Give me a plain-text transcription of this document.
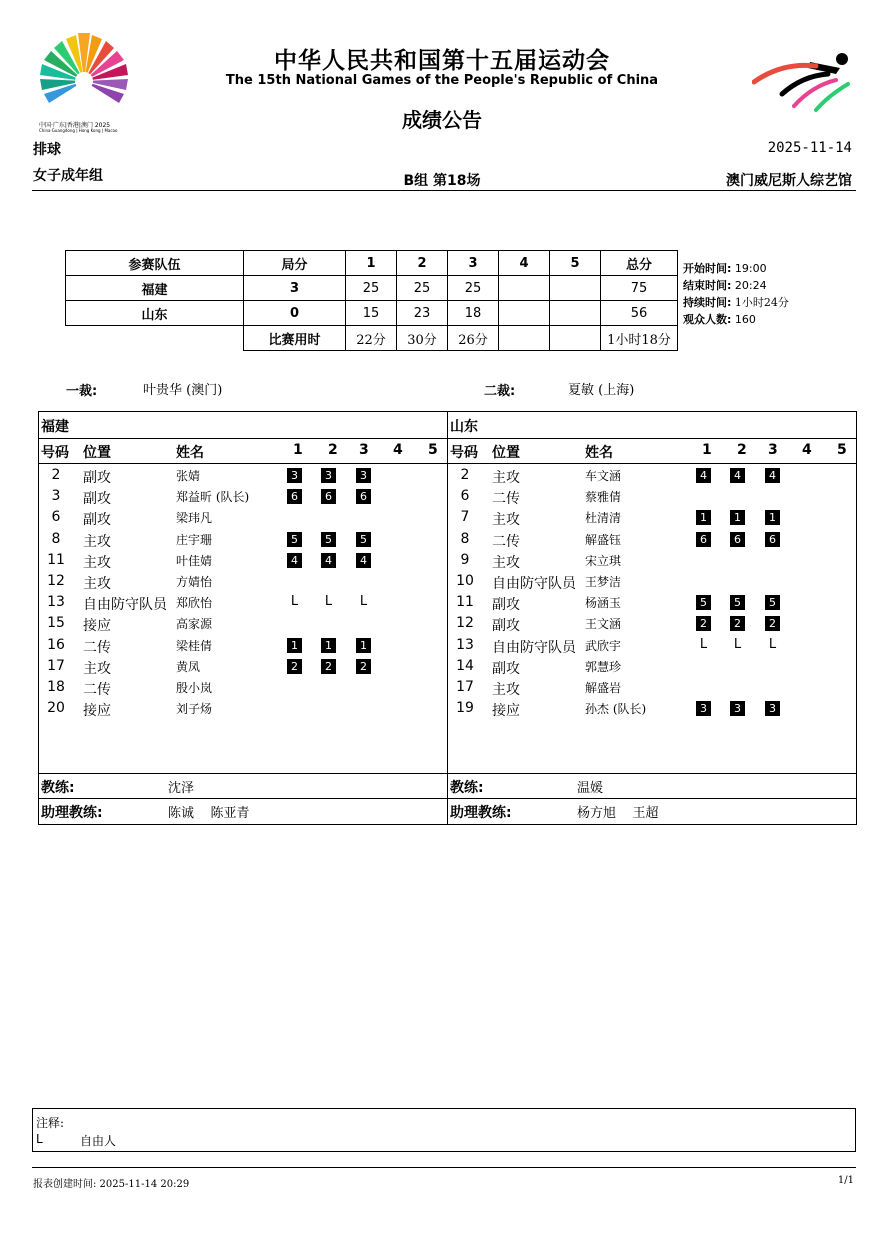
中国·广东|香港|澳门 2025
China·Guangdong | Hong Kong | Macao
中华人民共和国第十五届运动会
The 15th National Games of the People's Republic of China
成绩公告
排球	2025-11-14
女子成年组	B组 第18场	澳门威尼斯人综艺馆
参赛队伍	局分	1	2	3	4	5	总分
福建	3	25	25	25			75
山东	0	15	23	18			56
	比赛用时	22分	30分	26分			1小时18分
开始时间: 19:00
结束时间: 20:24
持续时间: 1小时24分
观众人数: 160
一裁:	叶贵华 (澳门)	二裁:	夏敏 (上海)
福建
号码 位置	姓名	1 2 3 4 5
2	副攻	张婧	3	3	3
3	副攻	郑益昕 (队长)	6	6	6
6	副攻	梁玮凡
8	主攻	庄宇珊	5	5	5
11	主攻	叶佳婧	4	4	4
12	主攻	方婧怡
13	自由防守队员 郑欣怡	L L L
15	接应	高家源
16	二传	梁桂倩	1	1	1
17	主攻	黄凤	2	2	2
18	二传	殷小岚
20	接应	刘子炀
教练:	沈泽
助理教练:	陈诚    陈亚青
山东
号码 位置	姓名	1 2 3 4 5
2	主攻	车文涵	4	4	4
6	二传	蔡雅倩
7	主攻	杜清清	1	1	1
8	二传	解盛钰	6	6	6
9	主攻	宋立琪
10	自由防守队员 王梦洁
11	副攻	杨涵玉	5	5	5
12	副攻	王文涵	2	2	2
13	自由防守队员 武欣宇	L L L
14	副攻	郭慧珍
17	主攻	解盛岩
19	接应	孙杰 (队长)	3	3	3
教练:	温媛
助理教练:	杨方旭    王超
注释:
L	自由人
报表创建时间: 2025-11-14 20:29	1/1
